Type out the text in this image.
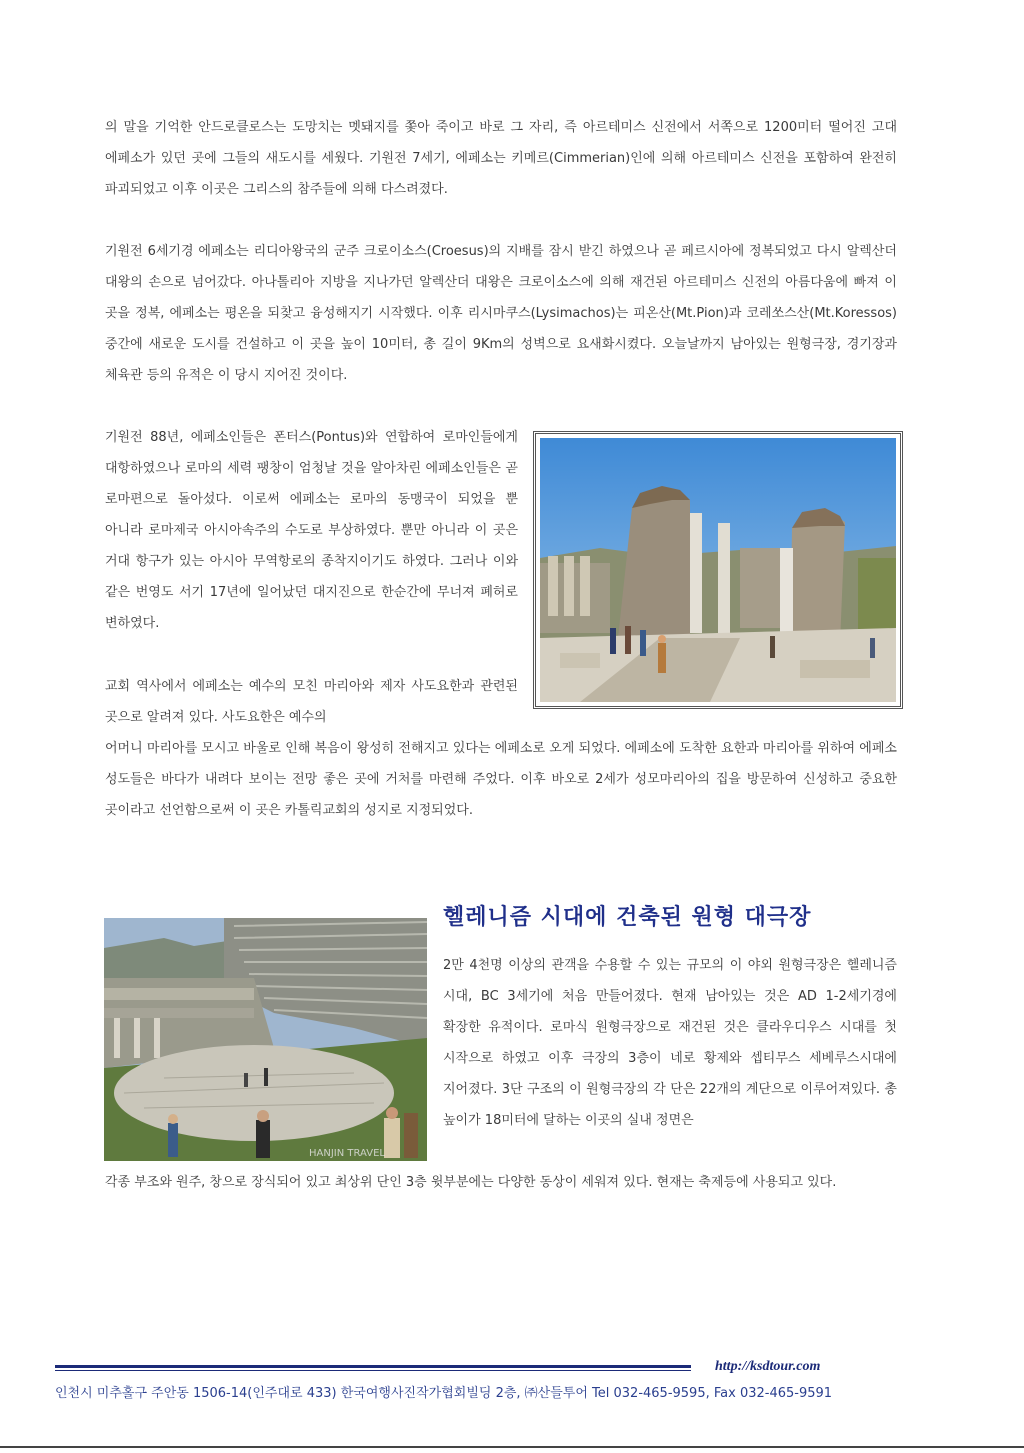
의 말을 기억한 안드로클로스는 도망치는 멧돼지를 쫓아 죽이고 바로 그 자리, 즉 아르테미스 신전에서 서쪽으로 1200미터 떨어진 고대 에페소가 있던 곳에 그들의 새도시를 세웠다. 기원전 7세기, 에페소는 키메르(Cimmerian)인에 의해 아르테미스 신전을 포함하여 완전히 파괴되었고 이후 이곳은 그리스의 참주들에 의해 다스려졌다.

기원전 6세기경 에페소는 리디아왕국의 군주 크로이소스(Croesus)의 지배를 잠시 받긴 하였으나 곧 페르시아에 정복되었고 다시 알렉산더 대왕의 손으로 넘어갔다. 아나톨리아 지방을 지나가던 알렉산더 대왕은 크로이소스에 의해 재건된 아르테미스 신전의 아름다움에 빠져 이 곳을 정복, 에페소는 평온을 되찾고 융성해지기 시작했다. 이후 리시마쿠스(Lysimachos)는 피온산(Mt.Pion)과 코레쏘스산(Mt.Koressos) 중간에 새로운 도시를 건설하고 이 곳을 높이 10미터, 총 길이 9Km의 성벽으로 요새화시켰다. 오늘날까지 남아있는 원형극장, 경기장과 체육관 등의 유적은 이 당시 지어진 것이다.

기원전 88년, 에페소인들은 폰터스(Pontus)와 연합하여 로마인들에게 대항하였으나 로마의 세력 팽창이 엄청날 것을 알아차린 에페소인들은 곧 로마편으로 돌아섰다. 이로써 에페소는 로마의 동맹국이 되었을 뿐 아니라 로마제국 아시아속주의 수도로 부상하였다. 뿐만 아니라 이 곳은 거대 항구가 있는 아시아 무역항로의 종착지이기도 하였다. 그러나 이와 같은 번영도 서기 17년에 일어났던 대지진으로 한순간에 무너져 폐허로 변하였다.

교회 역사에서 에페소는 예수의 모친 마리아와 제자 사도요한과 관련된 곳으로 알려져 있다. 사도요한은 예수의

어머니 마리아를 모시고 바울로 인해 복음이 왕성히 전해지고 있다는 에페소로 오게 되었다. 에페소에 도착한 요한과 마리아를 위하여 에페소 성도들은 바다가 내려다 보이는 전망 좋은 곳에 거처를 마련해 주었다. 이후 바오로 2세가 성모마리아의 집을 방문하여 신성하고 중요한 곳이라고 선언함으로써 이 곳은 카톨릭교회의 성지로 지정되었다.

헬레니즘 시대에 건축된 원형 대극장
HANJIN TRAVEL

2만 4천명 이상의 관객을 수용할 수 있는 규모의 이 야외 원형극장은 헬레니즘 시대, BC 3세기에 처음 만들어졌다. 현재 남아있는 것은 AD 1-2세기경에 확장한 유적이다. 로마식 원형극장으로 재건된 것은 클라우디우스 시대를 첫 시작으로 하였고 이후 극장의 3층이 네로 황제와 셉티무스 세베루스시대에 지어졌다. 3단 구조의 이 원형극장의 각 단은 22개의 계단으로 이루어져있다. 총 높이가 18미터에 달하는 이곳의 실내 정면은

각종 부조와 원주, 창으로 장식되어 있고 최상위 단인 3층 윗부분에는 다양한 동상이 세워져 있다. 현재는 축제등에 사용되고 있다.

http://ksdtour.com
인천시 미추홀구 주안동 1506-14(인주대로 433) 한국여행사진작가협회빌딩 2층, ㈜산들투어 Tel 032-465-9595, Fax 032-465-9591
